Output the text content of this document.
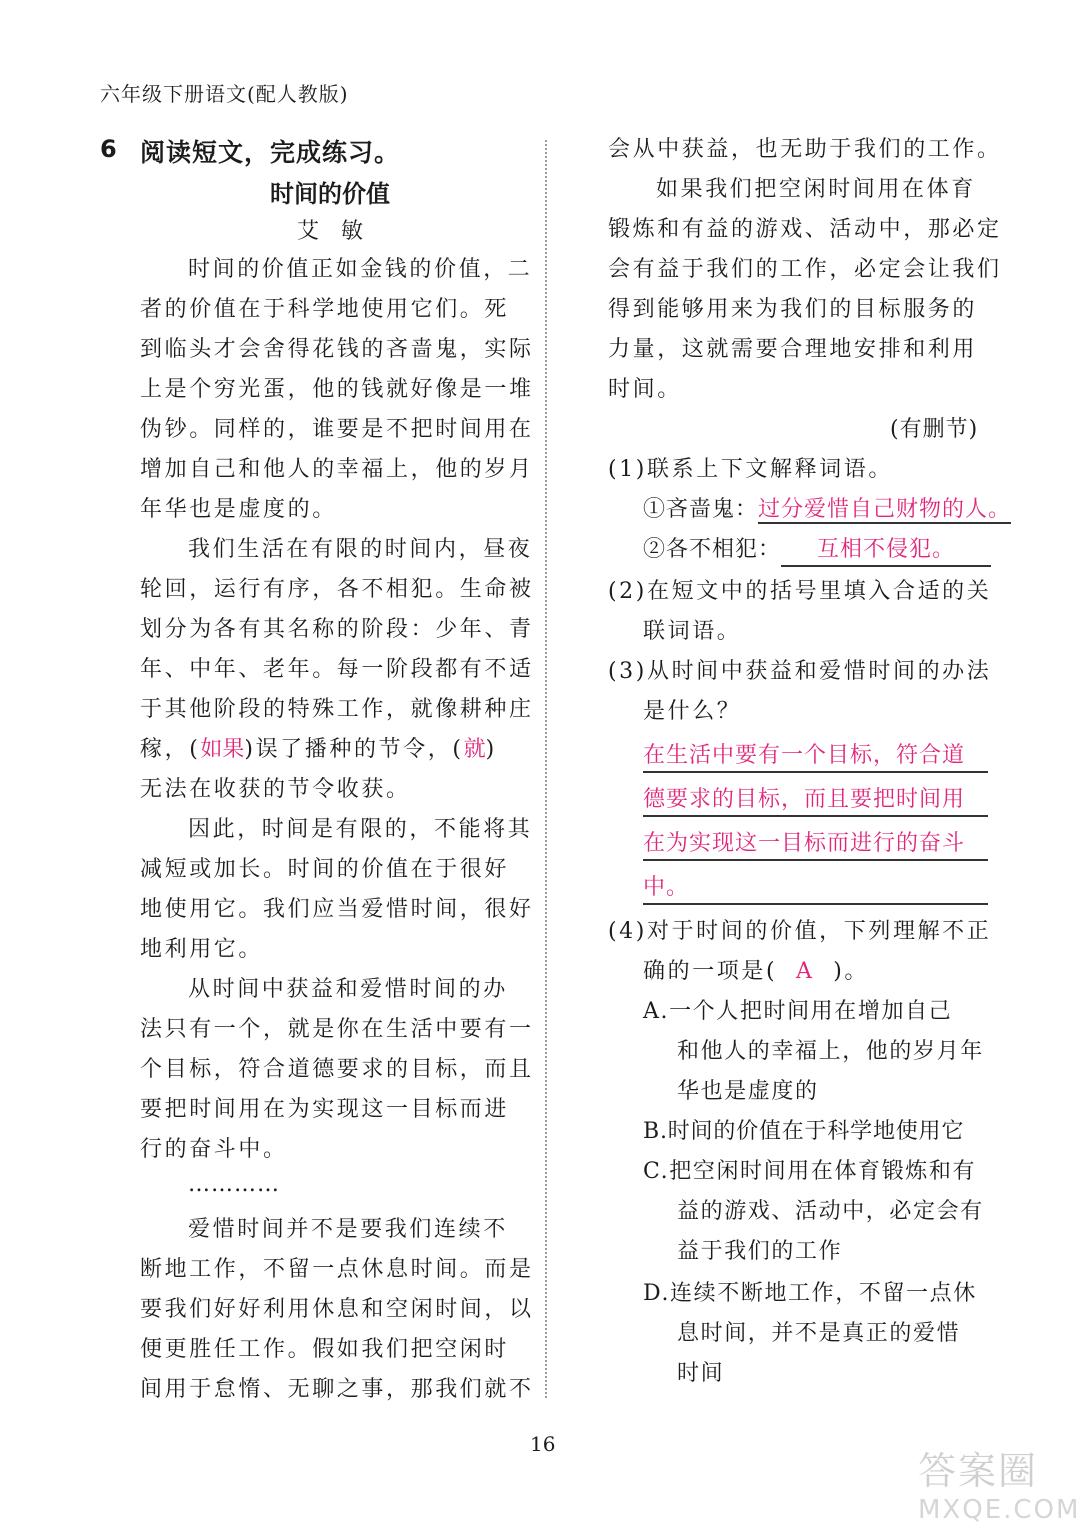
六年级下册语文(配人教版)
6 阅读短文，完成练习。
时间的价值
艾敏
时间的价值正如金钱的价值，二
者的价值在于科学地使用它们。死
到临头才会舍得花钱的吝啬鬼，实际
上是个穷光蛋，他的钱就好像是一堆
伪钞。同样的，谁要是不把时间用在
增加自己和他人的幸福上，他的岁月
年华也是虚度的。
我们生活在有限的时间内，昼夜
轮回，运行有序，各不相犯。生命被
划分为各有其名称的阶段：少年、青
年、中年、老年。每一阶段都有不适
于其他阶段的特殊工作，就像耕种庄
稼，(如果)误了播种的节令，(就)
无法在收获的节令收获。
因此，时间是有限的，不能将其
减短或加长。时间的价值在于很好
地使用它。我们应当爱惜时间，很好
地利用它。
从时间中获益和爱惜时间的办
法只有一个，就是你在生活中要有一
个目标，符合道德要求的目标，而且
要把时间用在为实现这一目标而进
行的奋斗中。
…………
爱惜时间并不是要我们连续不
断地工作，不留一点休息时间。而是
要我们好好利用休息和空闲时间，以
便更胜任工作。假如我们把空闲时
间用于怠惰、无聊之事，那我们就不
会从中获益，也无助于我们的工作。
如果我们把空闲时间用在体育
锻炼和有益的游戏、活动中，那必定
会有益于我们的工作，必定会让我们
得到能够用来为我们的目标服务的
力量，这就需要合理地安排和利用
时间。
(有删节)
(1)联系上下文解释词语。
①吝啬鬼：过分爱惜自己财物的人。
②各不相犯： 互相不侵犯。
(2)在短文中的括号里填入合适的关
联词语。
(3)从时间中获益和爱惜时间的办法
是什么？
在生活中要有一个目标，符合道
德要求的目标，而且要把时间用
在为实现这一目标而进行的奋斗
中。
(4)对于时间的价值，下列理解不正
确的一项是( A )。
A.一个人把时间用在增加自己
和他人的幸福上，他的岁月年
华也是虚度的
B.时间的价值在于科学地使用它
C.把空闲时间用在体育锻炼和有
益的游戏、活动中，必定会有
益于我们的工作
D.连续不断地工作，不留一点休
息时间，并不是真正的爱惜
时间
16
答案圈
MXQE.COM
